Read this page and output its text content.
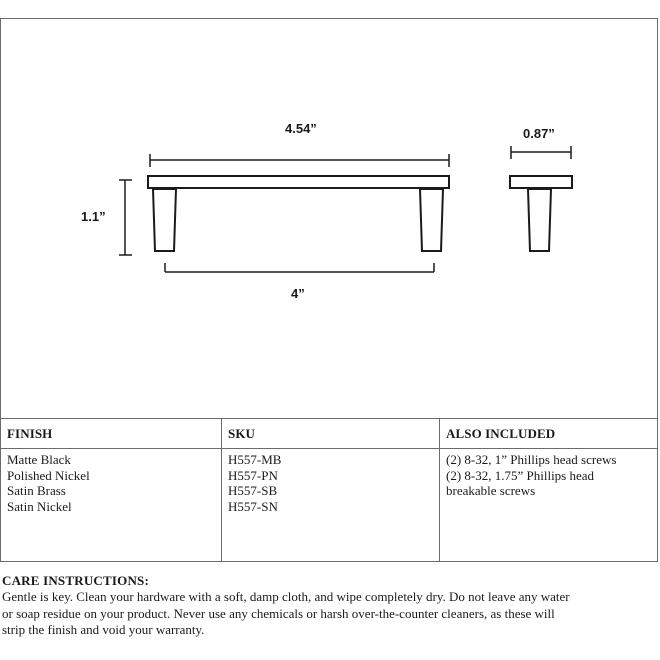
4.54”
1.1”
4”
0.87”
FINISH
Matte Black
Polished Nickel
Satin Brass
Satin Nickel
SKU
H557-MB
H557-PN
H557-SB
H557-SN
ALSO INCLUDED
(2) 8-32, 1” Phillips head screws
(2) 8-32, 1.75” Phillips head
breakable screws
CARE INSTRUCTIONS:
Gentle is key. Clean your hardware with a soft, damp cloth, and wipe completely dry. Do not leave any water
or soap residue on your product. Never use any chemicals or harsh over-the-counter cleaners, as these will
strip the finish and void your warranty.
